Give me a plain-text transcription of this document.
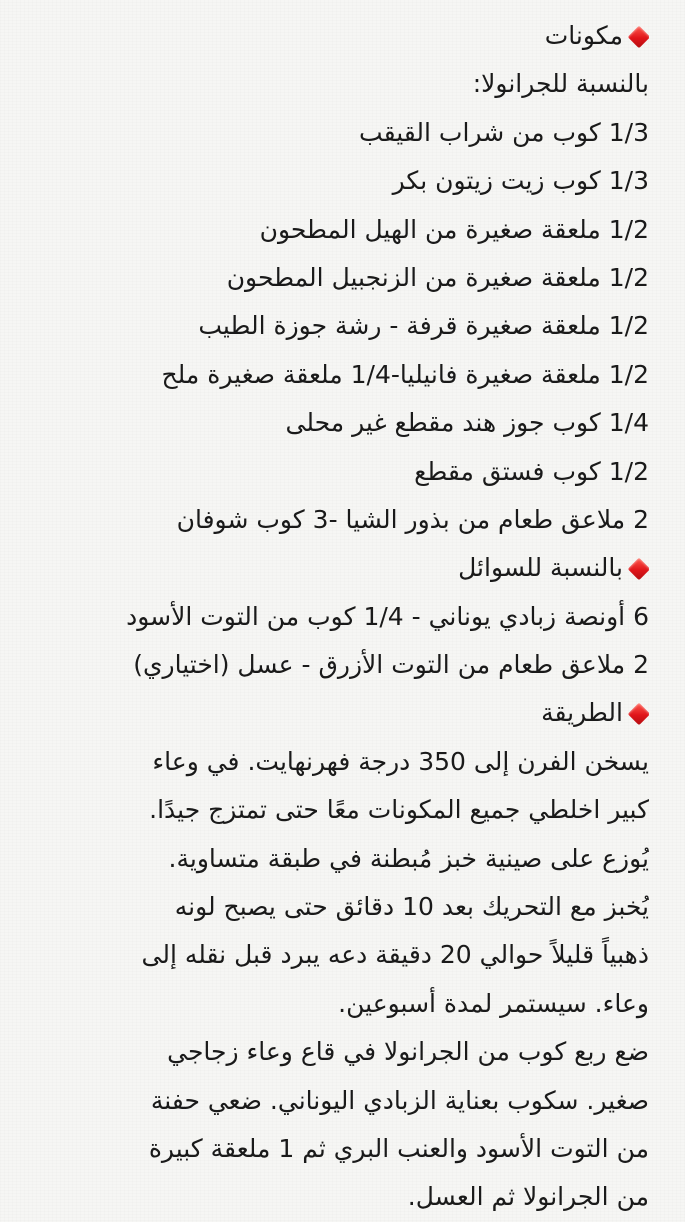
مكونات
بالنسبة للجرانولا:
1/3 كوب من شراب القيقب
1/3 كوب زيت زيتون بكر
1/2 ملعقة صغيرة من الهيل المطحون
1/2 ملعقة صغيرة من الزنجبيل المطحون
1/2 ملعقة صغيرة قرفة - رشة جوزة الطيب
1/2 ملعقة صغيرة فانيليا-1/4 ملعقة صغيرة ملح
1/4 كوب جوز هند مقطع غير محلى
1/2 كوب فستق مقطع
2 ملاعق طعام من بذور الشيا -3 كوب شوفان
بالنسبة للسوائل
6 أونصة زبادي يوناني - 1/4 كوب من التوت الأسود
2 ملاعق طعام من التوت الأزرق - عسل (اختياري)
الطريقة
يسخن الفرن إلى 350 درجة فهرنهايت. في وعاء
كبير اخلطي جميع المكونات معًا حتى تمتزج جيدًا.
يُوزع على صينية خبز مُبطنة في طبقة متساوية.
يُخبز مع التحريك بعد 10 دقائق حتى يصبح لونه
ذهبياً قليلاً حوالي 20 دقيقة دعه يبرد قبل نقله إلى
وعاء. سيستمر لمدة أسبوعين.
ضع ربع كوب من الجرانولا في قاع وعاء زجاجي
صغير. سكوب بعناية الزبادي اليوناني. ضعي حفنة
من التوت الأسود والعنب البري ثم 1 ملعقة كبيرة
من الجرانولا ثم العسل.
